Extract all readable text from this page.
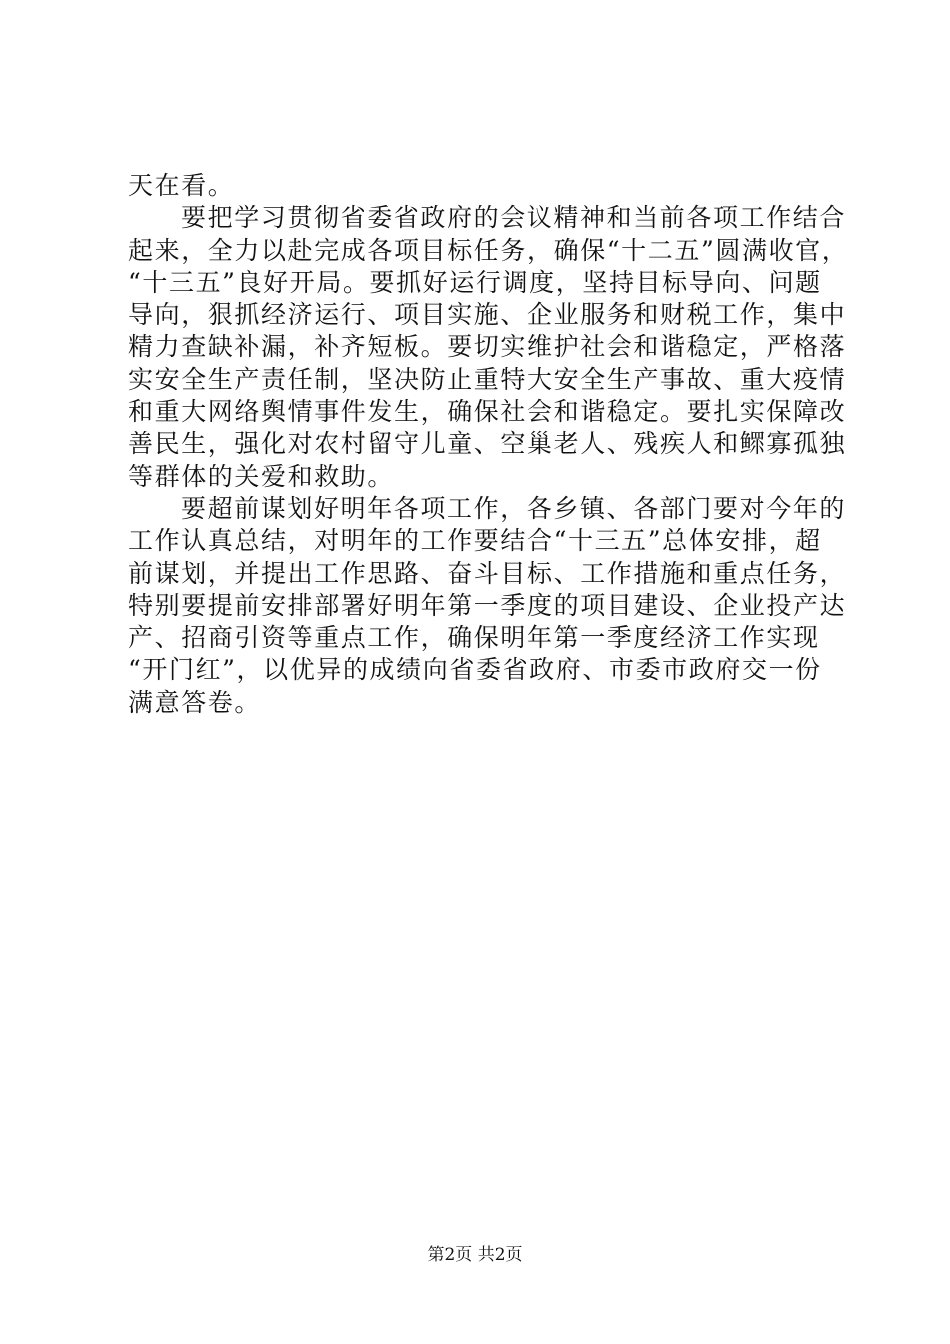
天在看。
要把学习贯彻省委省政府的会议精神和当前各项工作结合
起来，全力以赴完成各项目标任务，确保“十二五”圆满收官，
“十三五”良好开局。要抓好运行调度，坚持目标导向、问题
导向，狠抓经济运行、项目实施、企业服务和财税工作，集中
精力查缺补漏，补齐短板。要切实维护社会和谐稳定，严格落
实安全生产责任制，坚决防止重特大安全生产事故、重大疫情
和重大网络舆情事件发生，确保社会和谐稳定。要扎实保障改
善民生，强化对农村留守儿童、空巢老人、残疾人和鳏寡孤独
等群体的关爱和救助。
要超前谋划好明年各项工作，各乡镇、各部门要对今年的
工作认真总结，对明年的工作要结合“十三五”总体安排，超
前谋划，并提出工作思路、奋斗目标、工作措施和重点任务，
特别要提前安排部署好明年第一季度的项目建设、企业投产达
产、招商引资等重点工作，确保明年第一季度经济工作实现
“开门红”，以优异的成绩向省委省政府、市委市政府交一份
满意答卷。
第2页 共2页
